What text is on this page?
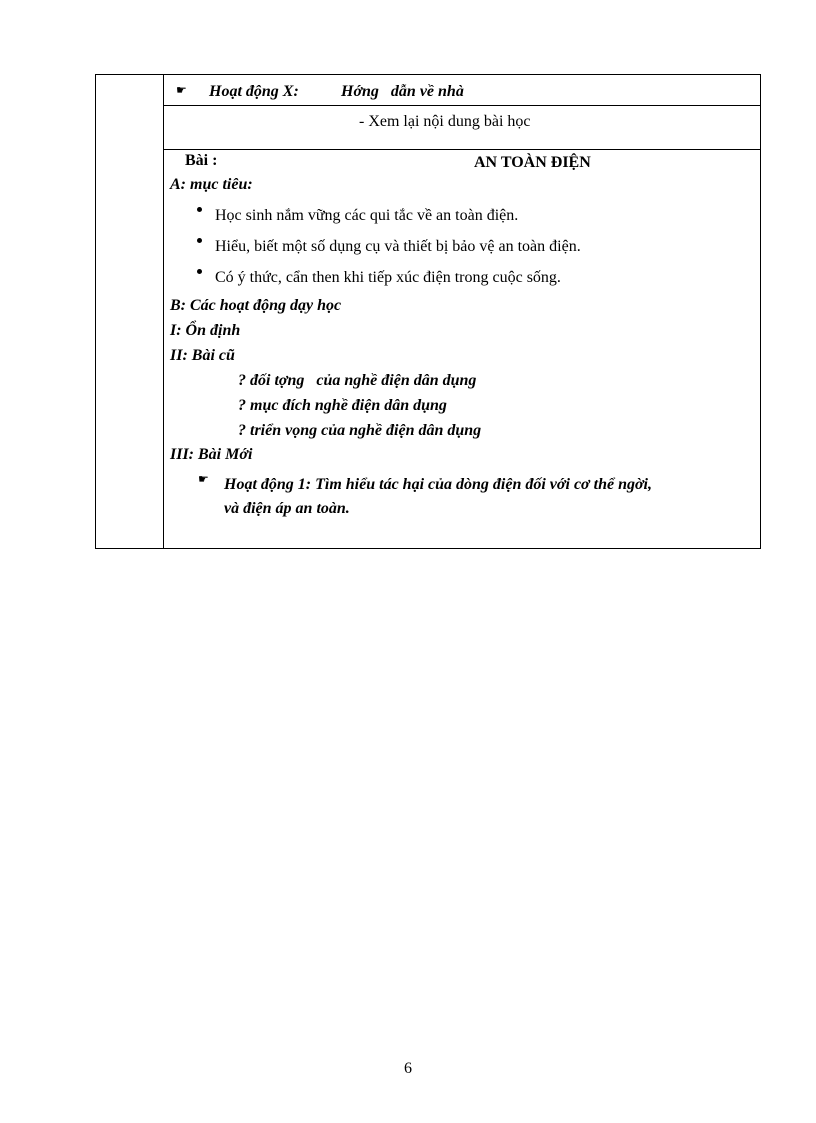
☛ Hoạt động X:	Hớng   dẫn về nhà
- Xem lại nội dung bài học
Bài :	AN TOÀN ĐIỆN
A: mục tiêu:
Học sinh nắm vững các qui tắc về an toàn điện.
Hiểu, biết một số dụng cụ và thiết bị bảo vệ an toàn điện.
Có ý thức, cẩn then khi tiếp xúc điện trong cuộc sống.
B: Các hoạt động dạy học
I: Ổn định
II: Bài cũ
? đối tợng   của nghề điện dân dụng
? mục đích nghề điện dân dụng
? triển vọng của nghề điện dân dụng
III: Bài Mới
☛ Hoạt động 1: Tìm hiểu tác hại của dòng điện đối với cơ thể ngời,
và điện áp an toàn.
6
